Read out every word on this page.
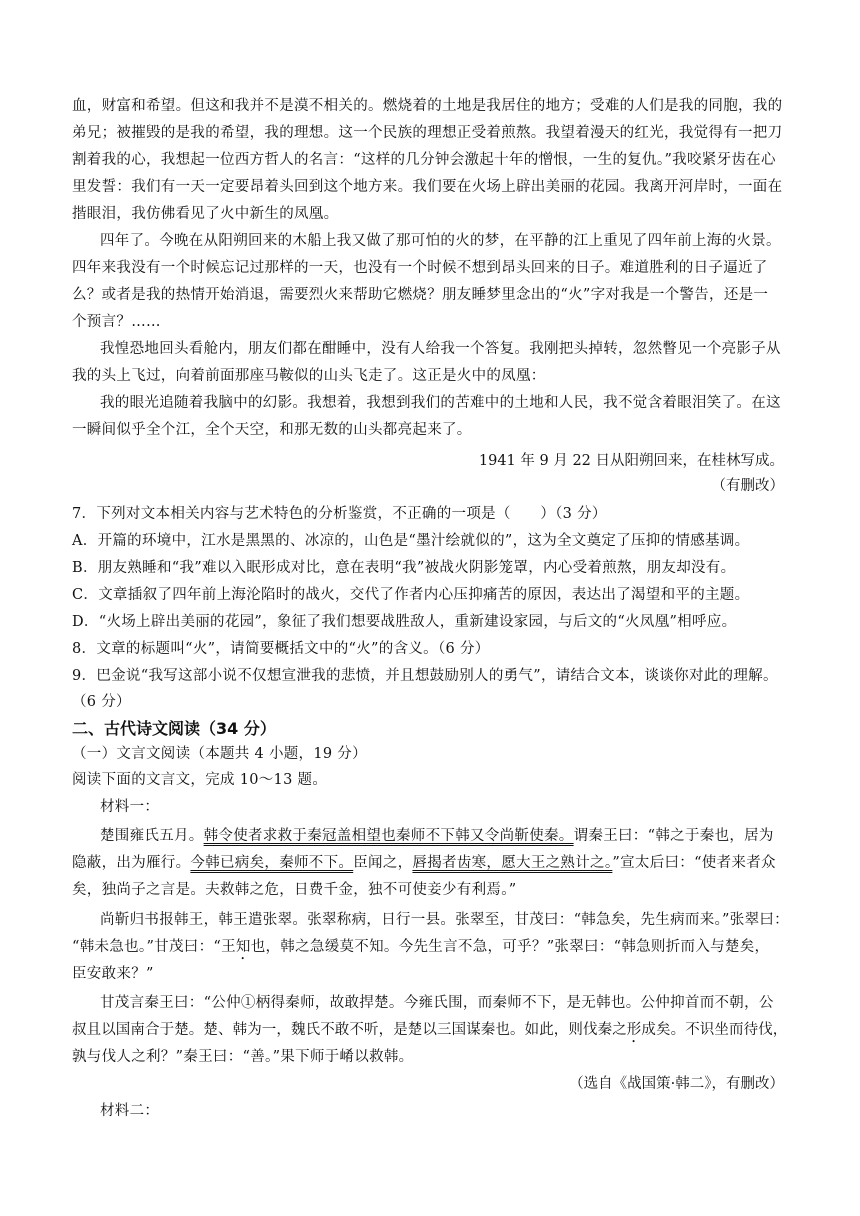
血，财富和希望。但这和我并不是漠不相关的。燃烧着的土地是我居住的地方；受难的人们是我的同胞，我的
弟兄；被摧毁的是我的希望，我的理想。这一个民族的理想正受着煎熬。我望着漫天的红光，我觉得有一把刀
割着我的心，我想起一位西方哲人的名言：“这样的几分钟会激起十年的憎恨，一生的复仇。”我咬紧牙齿在心
里发誓：我们有一天一定要昂着头回到这个地方来。我们要在火场上辟出美丽的花园。我离开河岸时，一面在
揩眼泪，我仿佛看见了火中新生的凤凰。
四年了。今晚在从阳朔回来的木船上我又做了那可怕的火的梦，在平静的江上重见了四年前上海的火景。
四年来我没有一个时候忘记过那样的一天，也没有一个时候不想到昂头回来的日子。难道胜利的日子逼近了
么？或者是我的热情开始消退，需要烈火来帮助它燃烧？朋友睡梦里念出的“火”字对我是一个警告，还是一
个预言？……
我惶恐地回头看舱内，朋友们都在酣睡中，没有人给我一个答复。我刚把头掉转，忽然瞥见一个亮影子从
我的头上飞过，向着前面那座马鞍似的山头飞走了。这正是火中的凤凰：
我的眼光追随着我脑中的幻影。我想着，我想到我们的苦难中的土地和人民，我不觉含着眼泪笑了。在这
一瞬间似乎全个江，全个天空，和那无数的山头都亮起来了。
1941 年 9 月 22 日从阳朔回来，在桂林写成。
（有删改）
7．下列对文本相关内容与艺术特色的分析鉴赏，不正确的一项是（　　）（3 分）
A．开篇的环境中，江水是黑黑的、冰凉的，山色是“墨汁绘就似的”，这为全文奠定了压抑的情感基调。
B．朋友熟睡和“我”难以入眠形成对比，意在表明“我”被战火阴影笼罩，内心受着煎熬，朋友却没有。
C．文章插叙了四年前上海沦陷时的战火，交代了作者内心压抑痛苦的原因，表达出了渴望和平的主题。
D．“火场上辟出美丽的花园”，象征了我们想要战胜敌人，重新建设家园，与后文的“火凤凰”相呼应。
8．文章的标题叫“火”，请简要概括文中的“火”的含义。（6 分）
9．巴金说“我写这部小说不仅想宣泄我的悲愤，并且想鼓励别人的勇气”，请结合文本，谈谈你对此的理解。
（6 分）
二、古代诗文阅读（34 分）
（一）文言文阅读（本题共 4 小题，19 分）
阅读下面的文言文，完成 10～13 题。
材料一：
楚围雍氏五月。韩令使者求救于秦冠盖相望也秦师不下韩又令尚靳使秦。谓秦王曰：“韩之于秦也，居为
隐蔽，出为雁行。今韩已病矣，秦师不下。臣闻之，唇揭者齿寒，愿大王之熟计之。”宣太后曰：“使者来者众
矣，独尚子之言是。夫救韩之危，日费千金，独不可使妾少有利焉。”
尚靳归书报韩王，韩王遣张翠。张翠称病，日行一县。张翠至，甘茂曰：“韩急矣，先生病而来。”张翠曰：
“韩未急也。”甘茂曰：“王知也，韩之急缓莫不知。今先生言不急，可乎？”张翠曰：“韩急则折而入与楚矣，
臣安敢来？”
甘茂言秦王曰：“公仲①柄得秦师，故敢捍楚。今雍氏围，而秦师不下，是无韩也。公仲抑首而不朝，公
叔且以国南合于楚。楚、韩为一，魏氏不敢不听，是楚以三国谋秦也。如此，则伐秦之形成矣。不识坐而待伐，
孰与伐人之利？”秦王曰：“善。”果下师于崤以救韩。
（选自《战国策·韩二》，有删改）
材料二：
